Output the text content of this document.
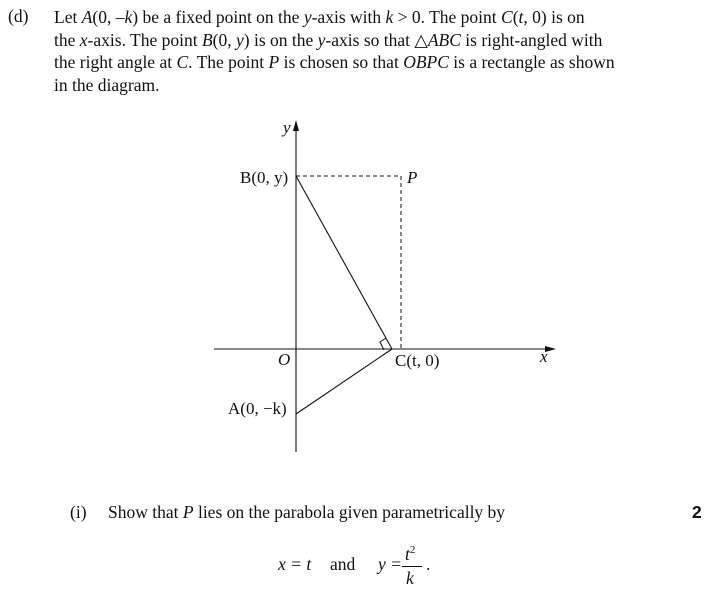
(d) Let A(0, –k) be a fixed point on the y-axis with k > 0. The point C(t, 0) is on
the x-axis. The point B(0, y) is on the y-axis so that △ABC is right-angled with
the right angle at C. The point P is chosen so that OBPC is a rectangle as shown
in the diagram.
y
x
O
B(0, y)	P
C(t, 0)
A(0, −k)
(i) Show that P lies on the parabola given parametrically by	2
x = t and $y = t^2$
k
.
